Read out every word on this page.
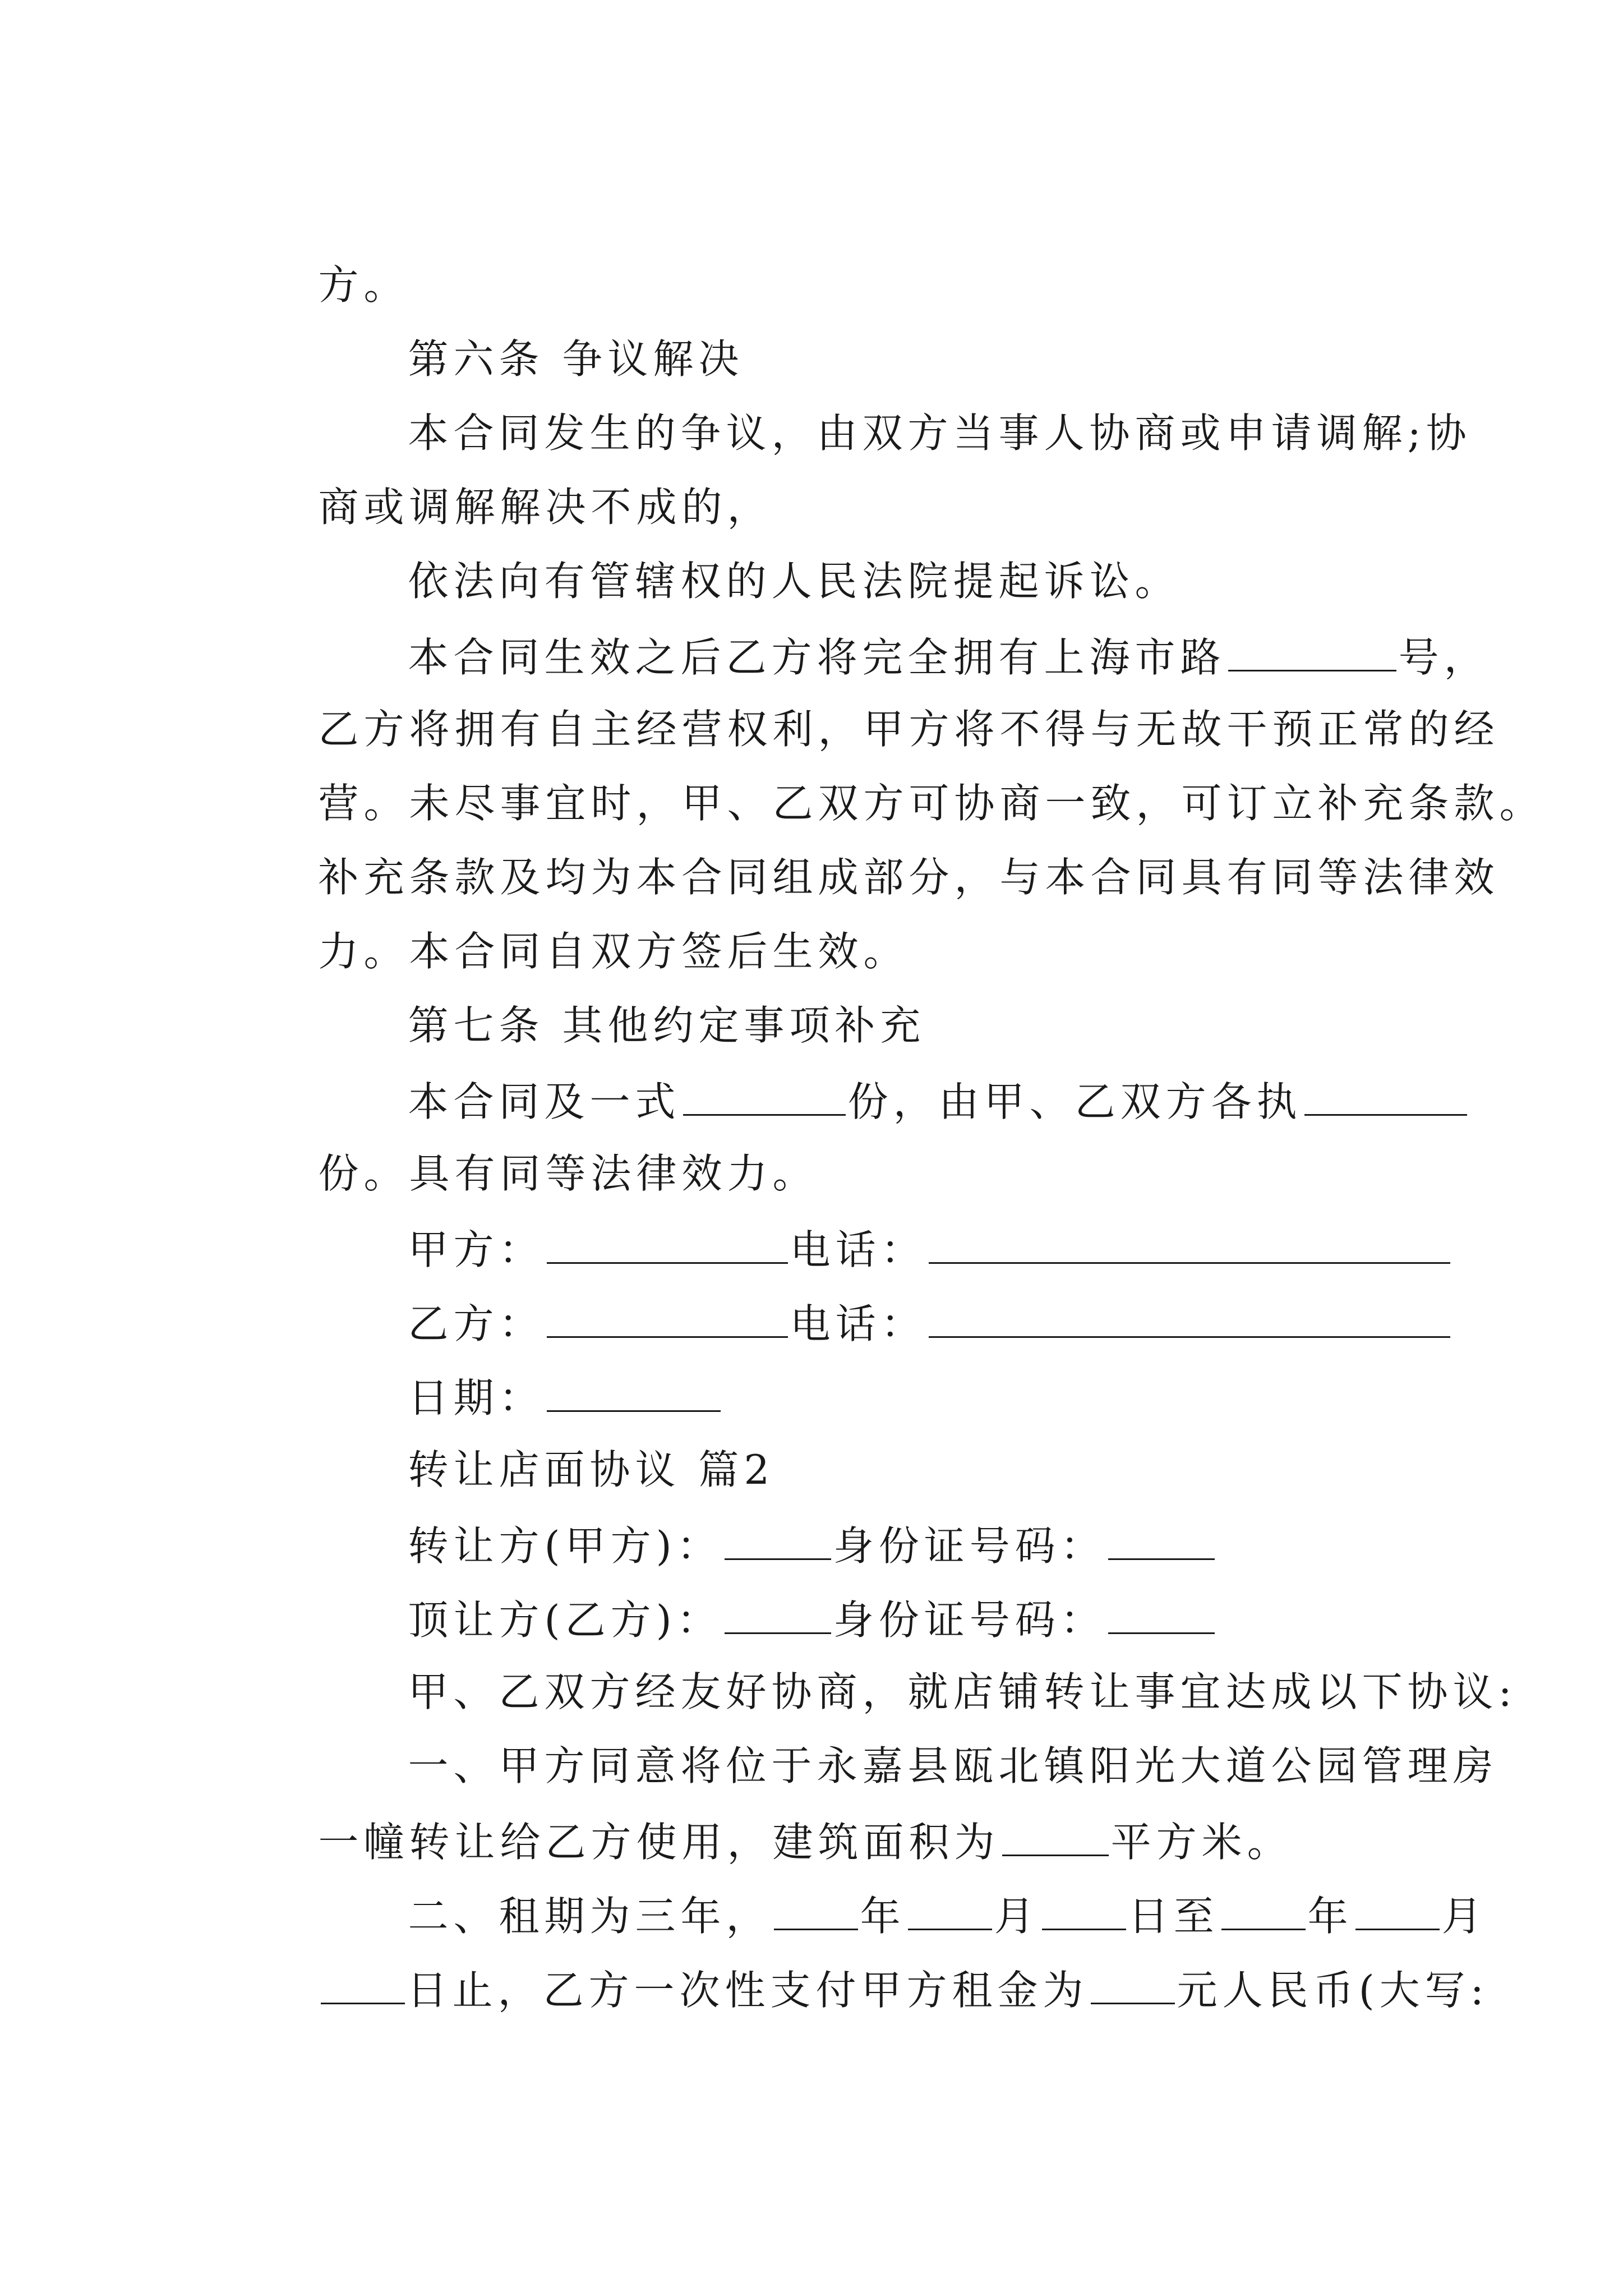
方。

第六条 争议解决

本合同发生的争议，由双方当事人协商或申请调解;协

商或调解解决不成的，

依法向有管辖权的人民法院提起诉讼。

本合同生效之后乙方将完全拥有上海市路	号，

乙方将拥有自主经营权利，甲方将不得与无故干预正常的经

营。未尽事宜时，甲、乙双方可协商一致，可订立补充条款。

补充条款及均为本合同组成部分，与本合同具有同等法律效

力。本合同自双方签后生效。

第七条 其他约定事项补充

本合同及一式	份，由甲、乙双方各执

份。具有同等法律效力。

甲方：	电话：

乙方：	电话：

日期：

转让店面协议 篇2

转让方(甲方)：	身份证号码：

顶让方(乙方)：	身份证号码：

甲、乙双方经友好协商，就店铺转让事宜达成以下协议:

一、甲方同意将位于永嘉县瓯北镇阳光大道公园管理房

一幢转让给乙方使用，建筑面积为	平方米。

二、租期为三年， 年 月 日至 年 月

日止，乙方一次性支付甲方租金为 元人民币(大写:
